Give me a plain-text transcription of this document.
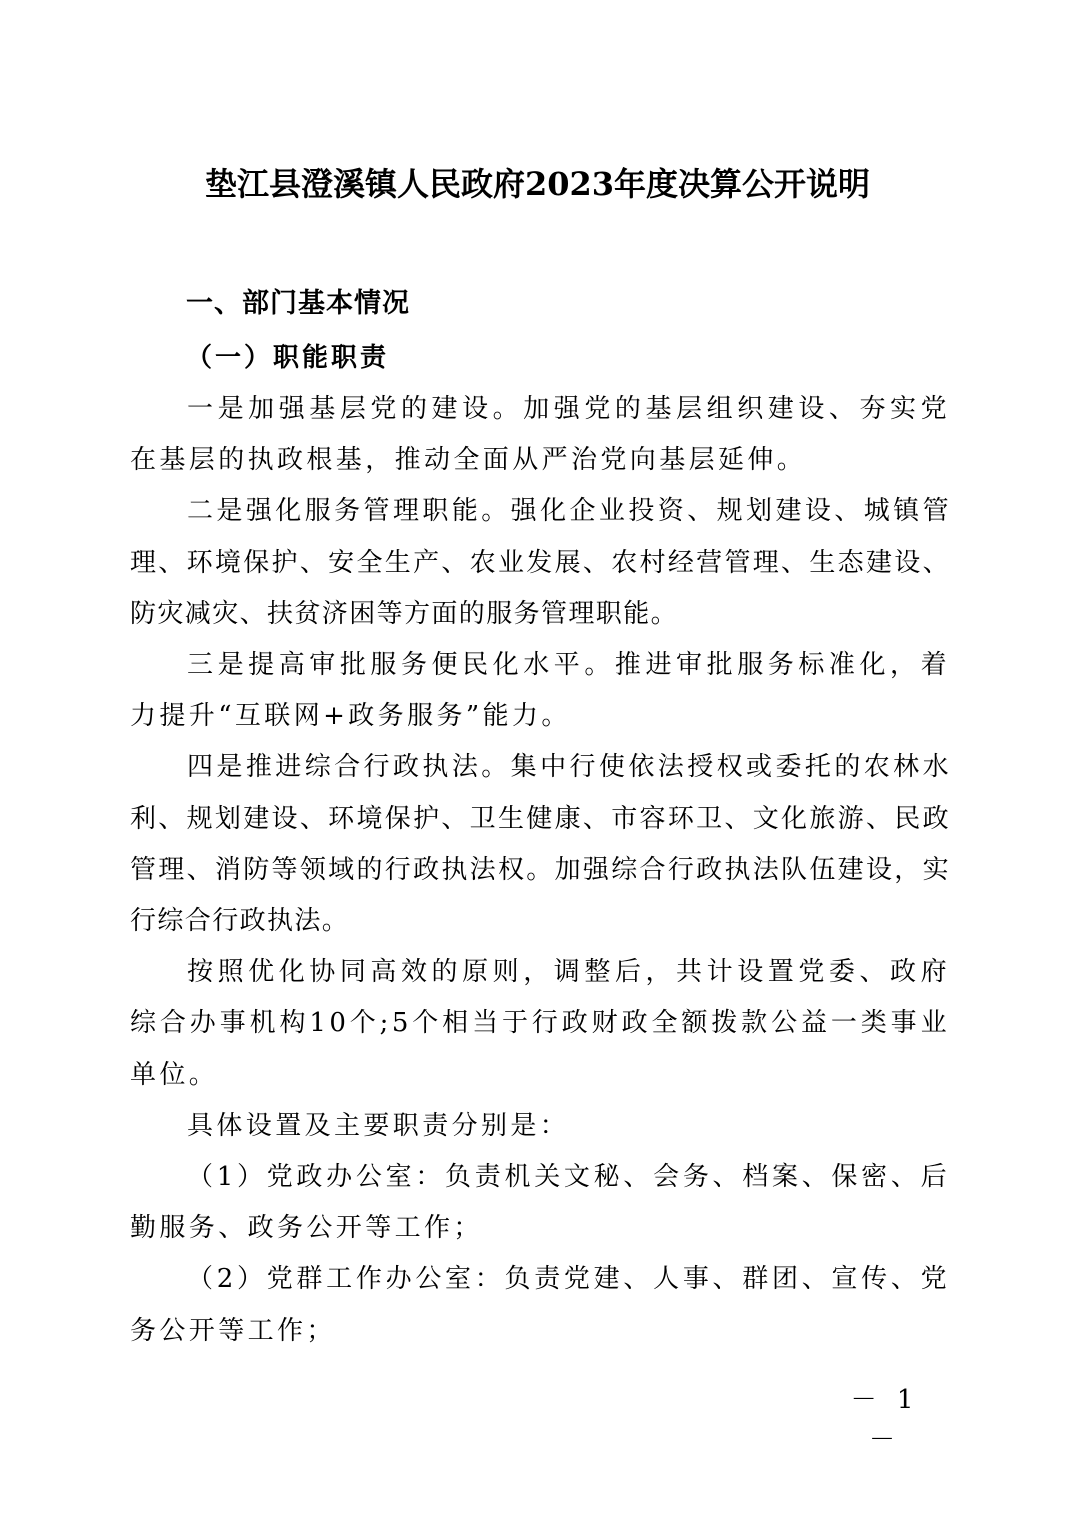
垫江县澄溪镇人民政府2023年度决算公开说明
一、部门基本情况
（一）职能职责

一是加强基层党的建设。加强党的基层组织建设、夯实党在基层的执政根基，推动全面从严治党向基层延伸。

二是强化服务管理职能。强化企业投资、规划建设、城镇管理、环境保护、安全生产、农业发展、农村经营管理、生态建设、防灾减灾、扶贫济困等方面的服务管理职能。

三是提高审批服务便民化水平。推进审批服务标准化，着力提升“互联网+政务服务”能力。

四是推进综合行政执法。集中行使依法授权或委托的农林水利、规划建设、环境保护、卫生健康、市容环卫、文化旅游、民政管理、消防等领域的行政执法权。加强综合行政执法队伍建设，实行综合行政执法。

按照优化协同高效的原则，调整后，共计设置党委、政府综合办事机构10个;5个相当于行政财政全额拨款公益一类事业单位。

具体设置及主要职责分别是：

（1）党政办公室：负责机关文秘、会务、档案、保密、后勤服务、政务公开等工作；

（2）党群工作办公室：负责党建、人事、群团、宣传、党务公开等工作；

－ 1 －
